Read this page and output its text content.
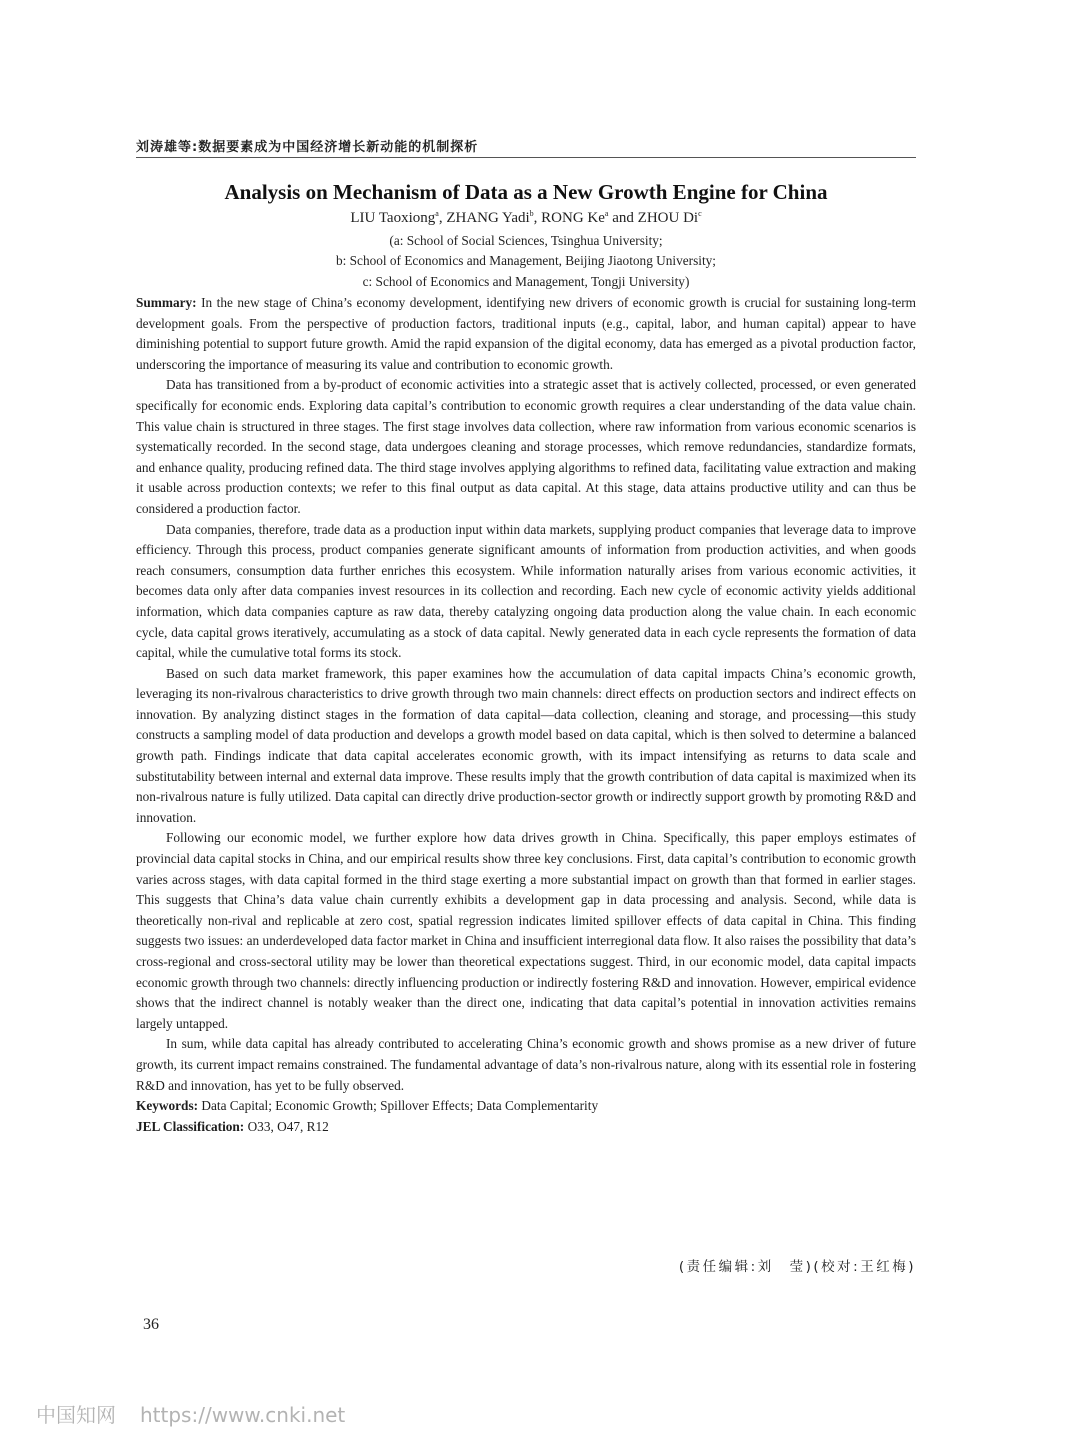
刘涛雄等:数据要素成为中国经济增长新动能的机制探析
Analysis on Mechanism of Data as a New Growth Engine for China
LIU Taoxiong$^a$, ZHANG Yadi$^b$, RONG Ke$^a$ and ZHOU Di$^c$
(a: School of Social Sciences, Tsinghua University;
b: School of Economics and Management, Beijing Jiaotong University;
c: School of Economics and Management, Tongji University)

Summary: In the new stage of China’s economy development, identifying new drivers of economic growth is crucial for sustaining long-term development goals. From the perspective of production factors, traditional inputs (e.g., capital, labor, and human capital) appear to have diminishing potential to support future growth. Amid the rapid expansion of the digital economy, data has emerged as a pivotal production factor, underscoring the importance of measuring its value and contribution to economic growth.

Data has transitioned from a by-product of economic activities into a strategic asset that is actively collected, processed, or even generated specifically for economic ends. Exploring data capital’s contribution to economic growth requires a clear understanding of the data value chain. This value chain is structured in three stages. The first stage involves data collection, where raw information from various economic scenarios is systematically recorded. In the second stage, data undergoes cleaning and storage processes, which remove redundancies, standardize formats, and enhance quality, producing refined data. The third stage involves applying algorithms to refined data, facilitating value extraction and making it usable across production contexts; we refer to this final output as data capital. At this stage, data attains productive utility and can thus be considered a production factor.

Data companies, therefore, trade data as a production input within data markets, supplying product companies that leverage data to improve efficiency. Through this process, product companies generate significant amounts of information from production activities, and when goods reach consumers, consumption data further enriches this ecosystem. While information naturally arises from various economic activities, it becomes data only after data companies invest resources in its collection and recording. Each new cycle of economic activity yields additional information, which data companies capture as raw data, thereby catalyzing ongoing data production along the value chain. In each economic cycle, data capital grows iteratively, accumulating as a stock of data capital. Newly generated data in each cycle represents the formation of data capital, while the cumulative total forms its stock.

Based on such data market framework, this paper examines how the accumulation of data capital impacts China’s economic growth, leveraging its non-rivalrous characteristics to drive growth through two main channels: direct effects on production sectors and indirect effects on innovation. By analyzing distinct stages in the formation of data capital—data collection, cleaning and storage, and processing—this study constructs a sampling model of data production and develops a growth model based on data capital, which is then solved to determine a balanced growth path. Findings indicate that data capital accelerates economic growth, with its impact intensifying as returns to data scale and substitutability between internal and external data improve. These results imply that the growth contribution of data capital is maximized when its non-rivalrous nature is fully utilized. Data capital can directly drive production-sector growth or indirectly support growth by promoting R&D and innovation.

Following our economic model, we further explore how data drives growth in China. Specifically, this paper employs estimates of provincial data capital stocks in China, and our empirical results show three key conclusions. First, data capital’s contribution to economic growth varies across stages, with data capital formed in the third stage exerting a more substantial impact on growth than that formed in earlier stages. This suggests that China’s data value chain currently exhibits a development gap in data processing and analysis. Second, while data is theoretically non-rival and replicable at zero cost, spatial regression indicates limited spillover effects of data capital in China. This finding suggests two issues: an underdeveloped data factor market in China and insufficient interregional data flow. It also raises the possibility that data’s cross-regional and cross-sectoral utility may be lower than theoretical expectations suggest. Third, in our economic model, data capital impacts economic growth through two channels: directly influencing production or indirectly fostering R&D and innovation. However, empirical evidence shows that the indirect channel is notably weaker than the direct one, indicating that data capital’s potential in innovation activities remains largely untapped.

In sum, while data capital has already contributed to accelerating China’s economic growth and shows promise as a new driver of future growth, its current impact remains constrained. The fundamental advantage of data’s non-rivalrous nature, along with its essential role in fostering R&D and innovation, has yet to be fully observed.

Keywords: Data Capital; Economic Growth; Spillover Effects; Data Complementarity

JEL Classification: O33, O47, R12

(责任编辑:刘　莹)(校对:王红梅)
36
中国知网 https://www.cnki.net
